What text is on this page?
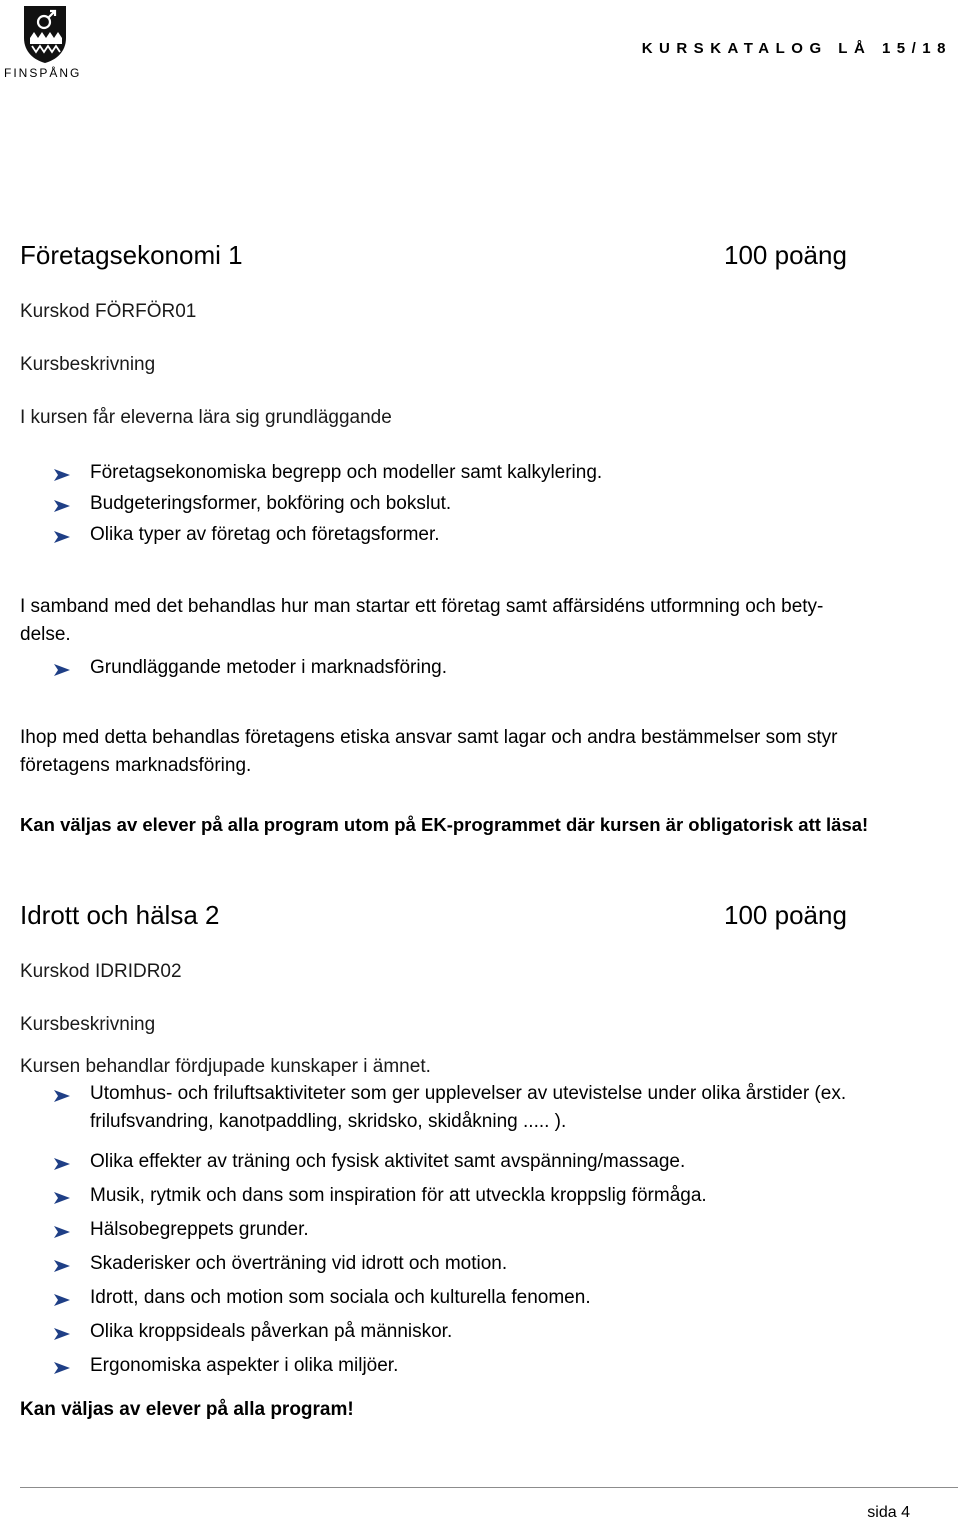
FINSPÅNG
KURSKATALOG LÅ 15/18
Företagsekonomi 1	100 poäng
Kurskod FÖRFÖR01
Kursbeskrivning
I kursen får eleverna lära sig grundläggande
Företagsekonomiska begrepp och modeller samt kalkylering.
Budgeteringsformer, bokföring och bokslut.
Olika typer av företag och företagsformer.
I samband med det behandlas hur man startar ett företag samt affärsidéns utformning och bety-
delse.
Grundläggande metoder i marknadsföring.
Ihop med detta behandlas företagens etiska ansvar samt lagar och andra bestämmelser som styr
företagens marknadsföring.
Kan väljas av elever på alla program utom på EK-programmet där kursen är obligatorisk att läsa!
Idrott och hälsa 2	100 poäng
Kurskod IDRIDR02
Kursbeskrivning
Kursen behandlar fördjupade kunskaper i ämnet.
Utomhus- och friluftsaktiviteter som ger upplevelser av utevistelse under olika årstider (ex.
frilufsvandring, kanotpaddling, skridsko, skidåkning ..... ).
Olika effekter av träning och fysisk aktivitet samt avspänning/massage.
Musik, rytmik och dans som inspiration för att utveckla kroppslig förmåga.
Hälsobegreppets grunder.
Skaderisker och överträning vid idrott och motion.
Idrott, dans och motion som sociala och kulturella fenomen.
Olika kroppsideals påverkan på människor.
Ergonomiska aspekter i olika miljöer.
Kan väljas av elever på alla program!
sida 4
